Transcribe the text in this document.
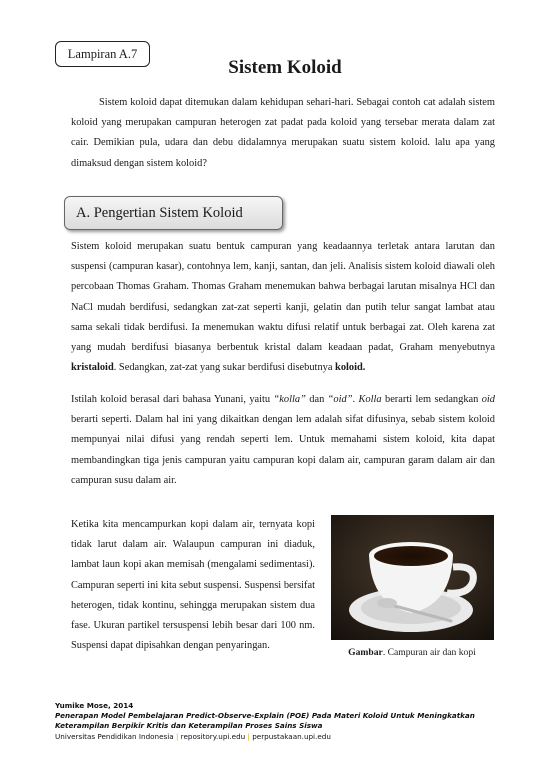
Lampiran A.7
Sistem Koloid

Sistem koloid dapat ditemukan dalam kehidupan sehari-hari. Sebagai contoh cat adalah sistem koloid yang merupakan campuran heterogen zat padat pada koloid yang tersebar merata dalam zat cair. Demikian pula, udara dan debu didalamnya merupakan suatu sistem koloid. lalu apa yang dimaksud dengan sistem koloid?

A. Pengertian Sistem Koloid

Sistem koloid merupakan suatu bentuk campuran yang keadaannya terletak antara larutan dan suspensi (campuran kasar), contohnya lem, kanji, santan, dan jeli. Analisis sistem koloid diawali oleh percobaan Thomas Graham. Thomas Graham menemukan bahwa berbagai larutan misalnya HCl dan NaCl mudah berdifusi, sedangkan zat-zat seperti kanji, gelatin dan putih telur sangat lambat atau sama sekali tidak berdifusi. Ia menemukan waktu difusi relatif untuk berbagai zat. Oleh karena zat yang mudah berdifusi biasanya berbentuk kristal dalam keadaan padat, Graham menyebutnya kristaloid. Sedangkan, zat-zat yang sukar berdifusi disebutnya koloid.

Istilah koloid berasal dari bahasa Yunani, yaitu “kolla” dan “oid”. Kolla berarti lem sedangkan oid berarti seperti. Dalam hal ini yang dikaitkan dengan lem adalah sifat difusinya, sebab sistem koloid mempunyai nilai difusi yang rendah seperti lem. Untuk memahami sistem koloid, kita dapat membandingkan tiga jenis campuran yaitu campuran kopi dalam air, campuran garam dalam air dan campuran susu dalam air.

Ketika kita mencampurkan kopi dalam air, ternyata kopi tidak larut dalam air. Walaupun campuran ini diaduk, lambat laun kopi akan memisah (mengalami sedimentasi). Campuran seperti ini kita sebut suspensi. Suspensi bersifat heterogen, tidak kontinu, sehingga merupakan sistem dua fase. Ukuran partikel tersuspensi lebih besar dari 100 nm. Suspensi dapat dipisahkan dengan penyaringan.

Gambar. Campuran air dan kopi
Yumike Mose, 2014
Penerapan Model Pembelajaran Predict-Observe-Explain (POE) Pada Materi Koloid Untuk Meningkatkan
Keterampilan Berpikir Kritis dan Keterampilan Proses Sains Siswa
Universitas Pendidikan Indonesia | repository.upi.edu | perpustakaan.upi.edu
